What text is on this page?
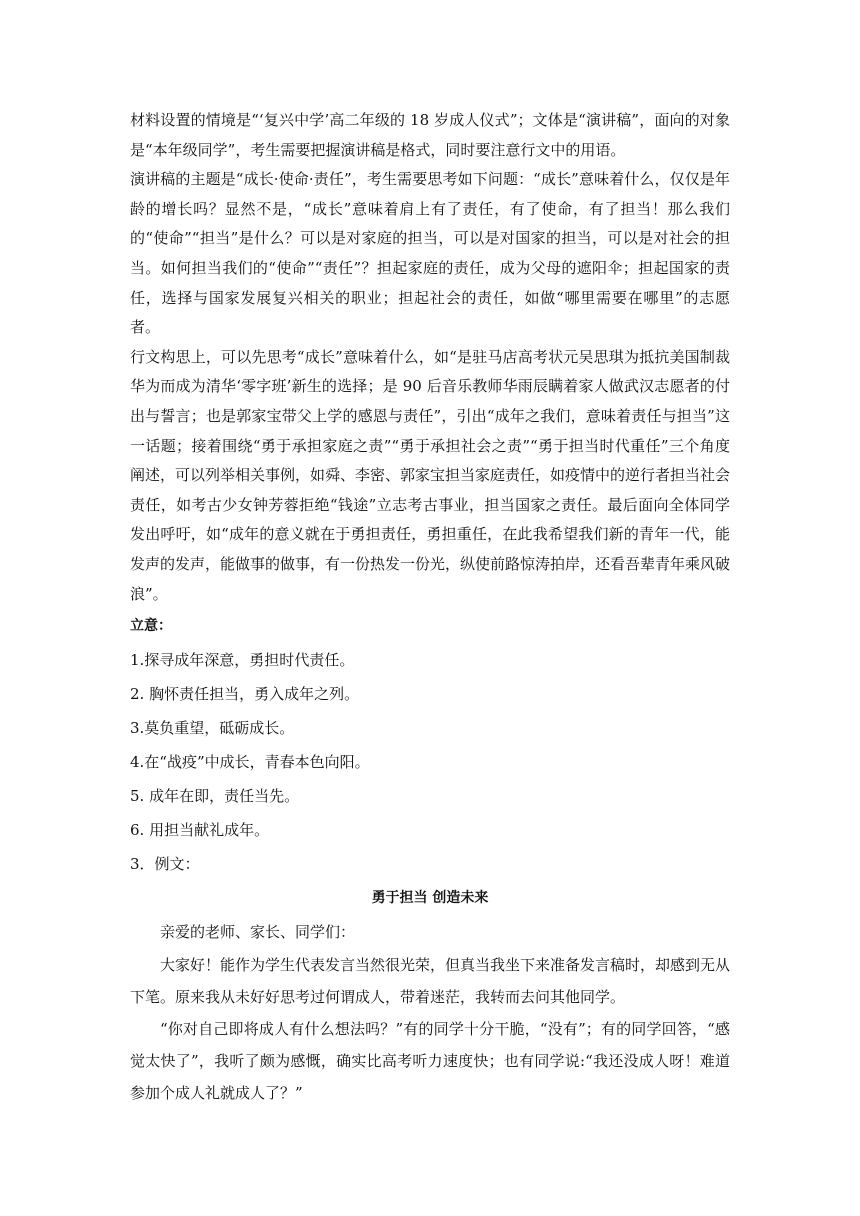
材料设置的情境是“‘复兴中学’高二年级的 18 岁成人仪式”；文体是“演讲稿”，面向的对象是“本年级同学”，考生需要把握演讲稿是格式，同时要注意行文中的用语。

演讲稿的主题是“成长·使命·责任”，考生需要思考如下问题：“成长”意味着什么，仅仅是年龄的增长吗？显然不是，“成长”意味着肩上有了责任，有了使命，有了担当！那么我们的“使命”“担当”是什么？可以是对家庭的担当，可以是对国家的担当，可以是对社会的担当。如何担当我们的“使命”“责任”？担起家庭的责任，成为父母的遮阳伞；担起国家的责任，选择与国家发展复兴相关的职业；担起社会的责任，如做“哪里需要在哪里”的志愿者。

行文构思上，可以先思考“成长”意味着什么，如“是驻马店高考状元吴思琪为抵抗美国制裁华为而成为清华‘零字班’新生的选择；是 90 后音乐教师华雨辰瞒着家人做武汉志愿者的付出与誓言；也是郭家宝带父上学的感恩与责任”，引出“成年之我们，意味着责任与担当”这一话题；接着围绕“勇于承担家庭之责”“勇于承担社会之责”“勇于担当时代重任”三个角度阐述，可以列举相关事例，如舜、李密、郭家宝担当家庭责任，如疫情中的逆行者担当社会责任，如考古少女钟芳蓉拒绝“钱途”立志考古事业，担当国家之责任。最后面向全体同学发出呼吁，如“成年的意义就在于勇担责任，勇担重任，在此我希望我们新的青年一代，能发声的发声，能做事的做事，有一份热发一份光，纵使前路惊涛拍岸，还看吾辈青年乘风破浪”。

立意：

1.探寻成年深意，勇担时代责任。

2. 胸怀责任担当，勇入成年之列。

3.莫负重望，砥砺成长。

4.在“战疫”中成长，青春本色向阳。

5. 成年在即，责任当先。

6. 用担当献礼成年。

3．例文：

勇于担当 创造未来

亲爱的老师、家长、同学们：

大家好！能作为学生代表发言当然很光荣，但真当我坐下来准备发言稿时，却感到无从下笔。原来我从未好好思考过何谓成人，带着迷茫，我转而去问其他同学。

“你对自己即将成人有什么想法吗？”有的同学十分干脆，“没有”；有的同学回答，“感觉太快了”，我听了颇为感慨，确实比高考听力速度快；也有同学说:“我还没成人呀！难道参加个成人礼就成人了？”
